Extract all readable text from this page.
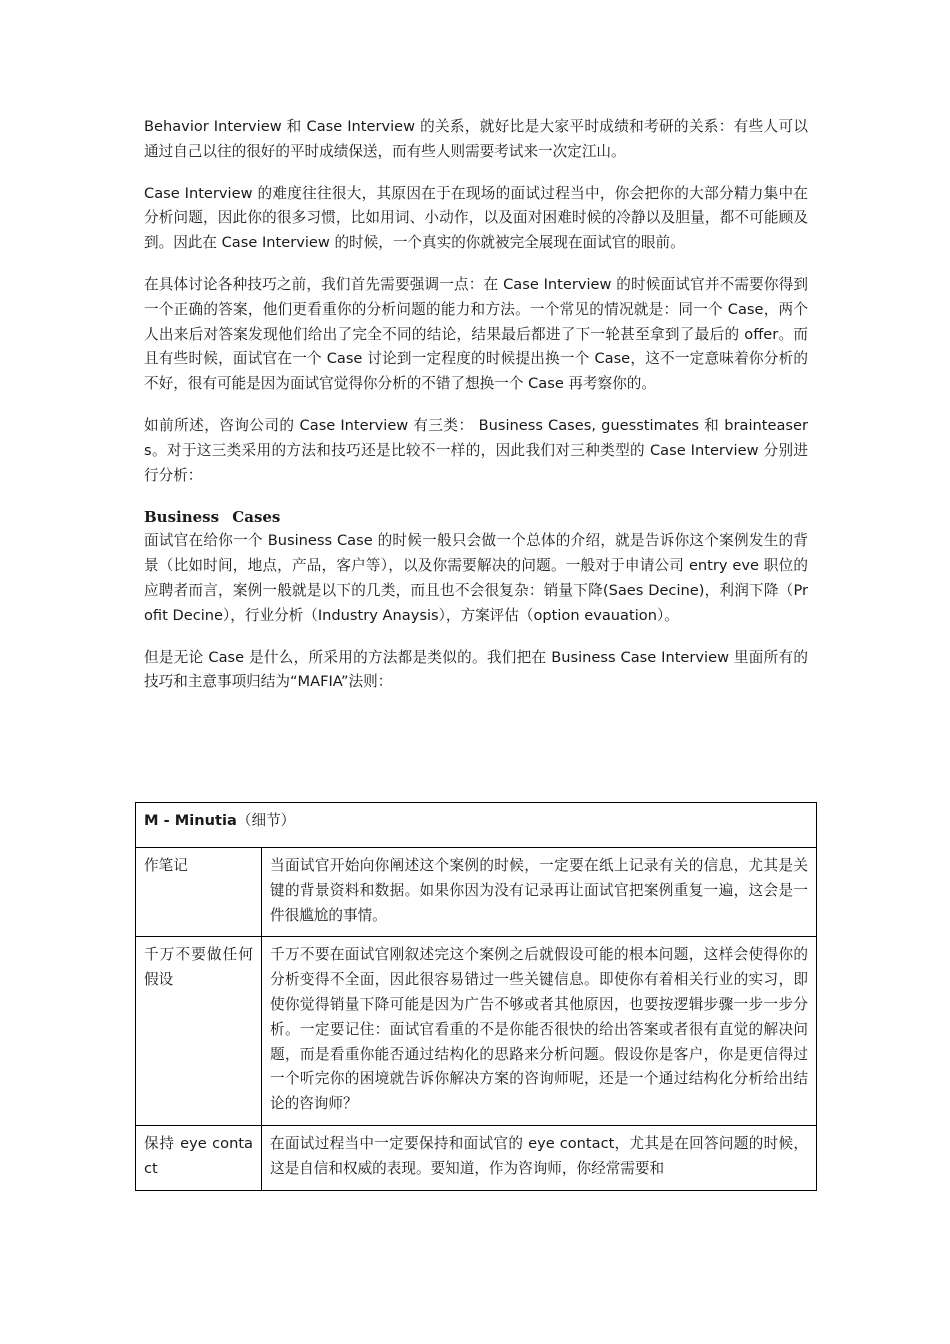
Behavior Interview 和 Case Interview 的关系，就好比是大家平时成绩和考研的关系：有些人可以通过自己以往的很好的平时成绩保送，而有些人则需要考试来一次定江山。

Case Interview 的难度往往很大，其原因在于在现场的面试过程当中，你会把你的大部分精力集中在分析问题，因此你的很多习惯，比如用词、小动作，以及面对困难时候的冷静以及胆量，都不可能顾及到。因此在 Case Interview 的时候，一个真实的你就被完全展现在面试官的眼前。

在具体讨论各种技巧之前，我们首先需要强调一点：在 Case Interview 的时候面试官并不需要你得到一个正确的答案，他们更看重你的分析问题的能力和方法。一个常见的情况就是：同一个 Case，两个人出来后对答案发现他们给出了完全不同的结论，结果最后都进了下一轮甚至拿到了最后的 offer。而且有些时候，面试官在一个 Case 讨论到一定程度的时候提出换一个 Case，这不一定意味着你分析的不好，很有可能是因为面试官觉得你分析的不错了想换一个 Case 再考察你的。

如前所述，咨询公司的 Case Interview 有三类： Business Cases, guesstimates 和 brainteasers。对于这三类采用的方法和技巧还是比较不一样的，因此我们对三种类型的 Case Interview 分别进行分析：

Business Cases

面试官在给你一个 Business Case 的时候一般只会做一个总体的介绍，就是告诉你这个案例发生的背景（比如时间，地点，产品，客户等），以及你需要解决的问题。一般对于申请公司 entry eve 职位的应聘者而言，案例一般就是以下的几类，而且也不会很复杂：销量下降(Saes Decine)，利润下降（Profit Decine），行业分析（Industry Anaysis），方案评估（option evauation）。

但是无论 Case 是什么，所采用的方法都是类似的。我们把在 Business Case Interview 里面所有的技巧和主意事项归结为“MAFIA”法则：

M - Minutia（细节）	
作笔记	当面试官开始向你阐述这个案例的时候，一定要在纸上记录有关的信息，尤其是关键的背景资料和数据。如果你因为没有记录再让面试官把案例重复一遍，这会是一件很尴尬的事情。
千万不要做任何假设	千万不要在面试官刚叙述完这个案例之后就假设可能的根本问题，这样会使得你的分析变得不全面，因此很容易错过一些关键信息。即使你有着相关行业的实习，即使你觉得销量下降可能是因为广告不够或者其他原因，也要按逻辑步骤一步一步分析。一定要记住：面试官看重的不是你能否很快的给出答案或者很有直觉的解决问题，而是看重你能否通过结构化的思路来分析问题。假设你是客户，你是更信得过一个听完你的困境就告诉你解决方案的咨询师呢，还是一个通过结构化分析给出结论的咨询师？
保持 eye contact	在面试过程当中一定要保持和面试官的 eye contact，尤其是在回答问题的时候，这是自信和权威的表现。要知道，作为咨询师，你经常需要和
